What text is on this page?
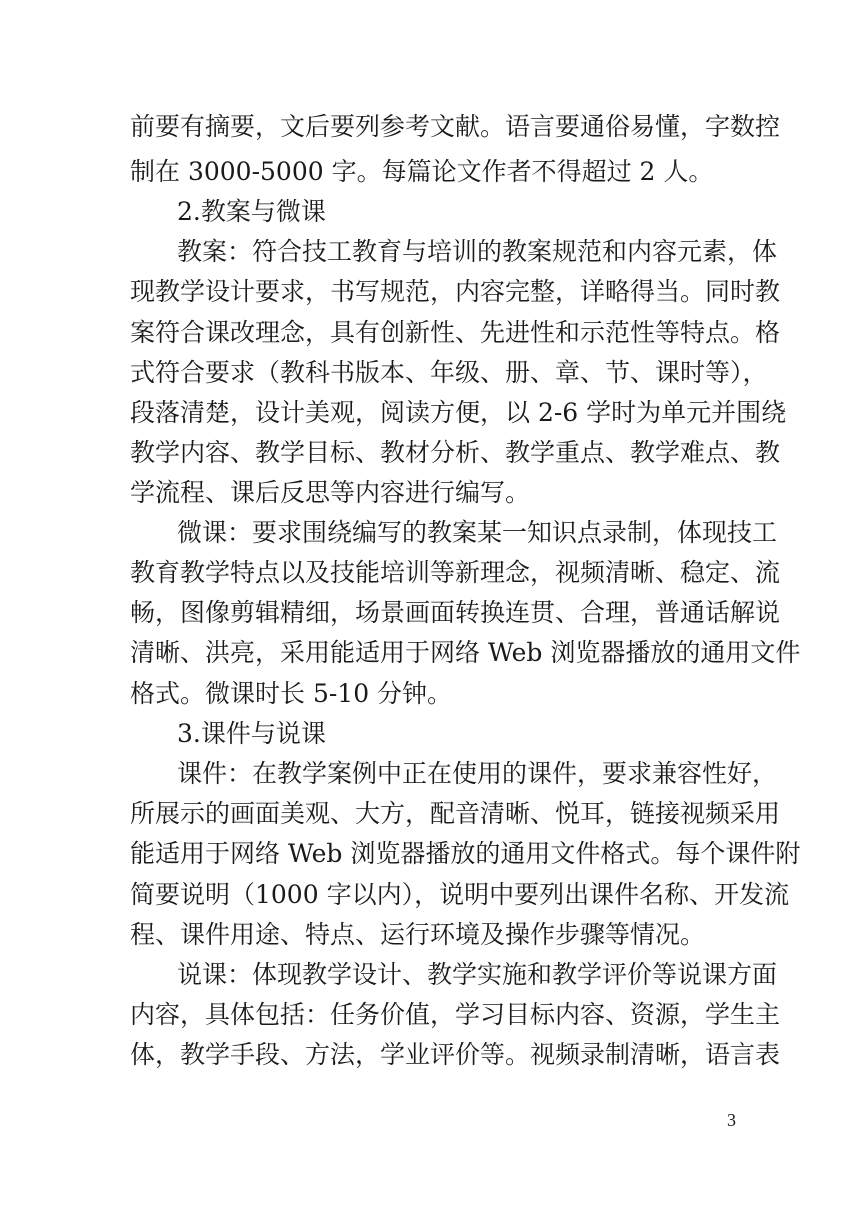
前要有摘要，文后要列参考文献。语言要通俗易懂，字数控
制在 3000-5000 字。每篇论文作者不得超过 2 人。
2.教案与微课
教案：符合技工教育与培训的教案规范和内容元素，体
现教学设计要求，书写规范，内容完整，详略得当。同时教
案符合课改理念，具有创新性、先进性和示范性等特点。格
式符合要求（教科书版本、年级、册、章、节、课时等），
段落清楚，设计美观，阅读方便，以 2-6 学时为单元并围绕
教学内容、教学目标、教材分析、教学重点、教学难点、教
学流程、课后反思等内容进行编写。
微课：要求围绕编写的教案某一知识点录制，体现技工
教育教学特点以及技能培训等新理念，视频清晰、稳定、流
畅，图像剪辑精细，场景画面转换连贯、合理，普通话解说
清晰、洪亮，采用能适用于网络 Web 浏览器播放的通用文件
格式。微课时长 5-10 分钟。
3.课件与说课
课件：在教学案例中正在使用的课件，要求兼容性好，
所展示的画面美观、大方，配音清晰、悦耳，链接视频采用
能适用于网络 Web 浏览器播放的通用文件格式。每个课件附
简要说明（1000 字以内），说明中要列出课件名称、开发流
程、课件用途、特点、运行环境及操作步骤等情况。
说课：体现教学设计、教学实施和教学评价等说课方面
内容，具体包括：任务价值，学习目标内容、资源，学生主
体，教学手段、方法，学业评价等。视频录制清晰，语言表
3
